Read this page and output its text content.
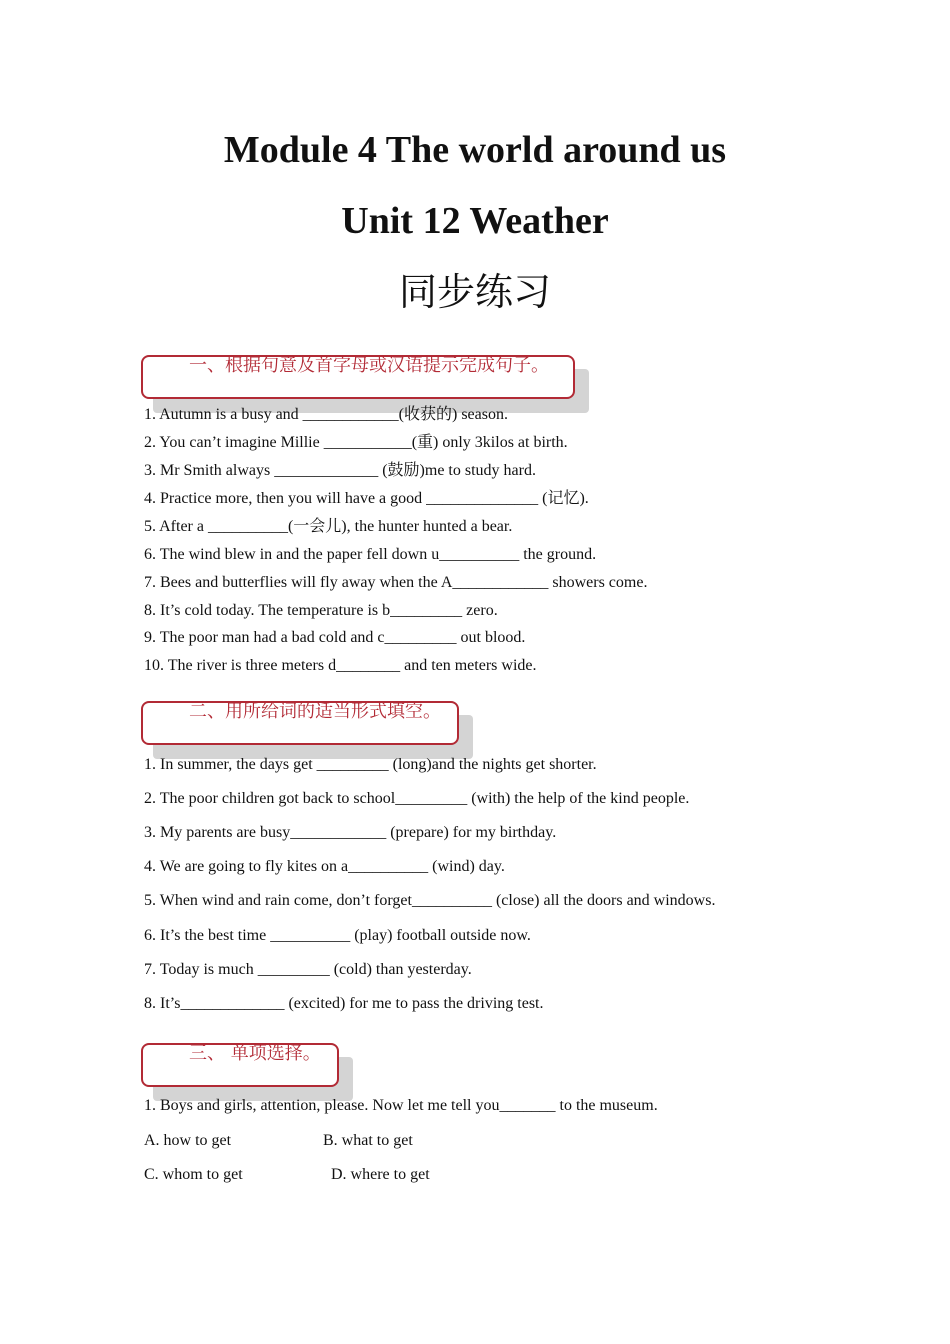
Module 4 The world around us
Unit 12 Weather
同步练习
一、根据句意及首字母或汉语提示完成句子。
1. Autumn is a busy and ____________(收获的) season.
2. You can’t imagine Millie ___________(重) only 3kilos at birth.
3. Mr Smith always _____________ (鼓励)me to study hard.
4. Practice more, then you will have a good ______________ (记忆).
5. After a __________(一会儿), the hunter hunted a bear.
6. The wind blew in and the paper fell down u__________ the ground.
7. Bees and butterflies will fly away when the A____________ showers come.
8. It’s cold today. The temperature is b_________ zero.
9. The poor man had a bad cold and c_________ out blood.
10. The river is three meters d________ and ten meters wide.
二、用所给词的适当形式填空。
1. In summer, the days get _________ (long)and the nights get shorter.
2. The poor children got back to school_________ (with) the help of the kind people.
3. My parents are busy____________ (prepare) for my birthday.
4. We are going to fly kites on a__________ (wind) day.
5. When wind and rain come, don’t forget__________ (close) all the doors and windows.
6. It’s the best time __________ (play) football outside now.
7. Today is much _________ (cold) than yesterday.
8. It’s_____________ (excited) for me to pass the driving test.
三、 单项选择。
1. Boys and girls, attention, please. Now let me tell you_______ to the museum.
A. how to get	B. what to get
C. whom to get	D. where to get
